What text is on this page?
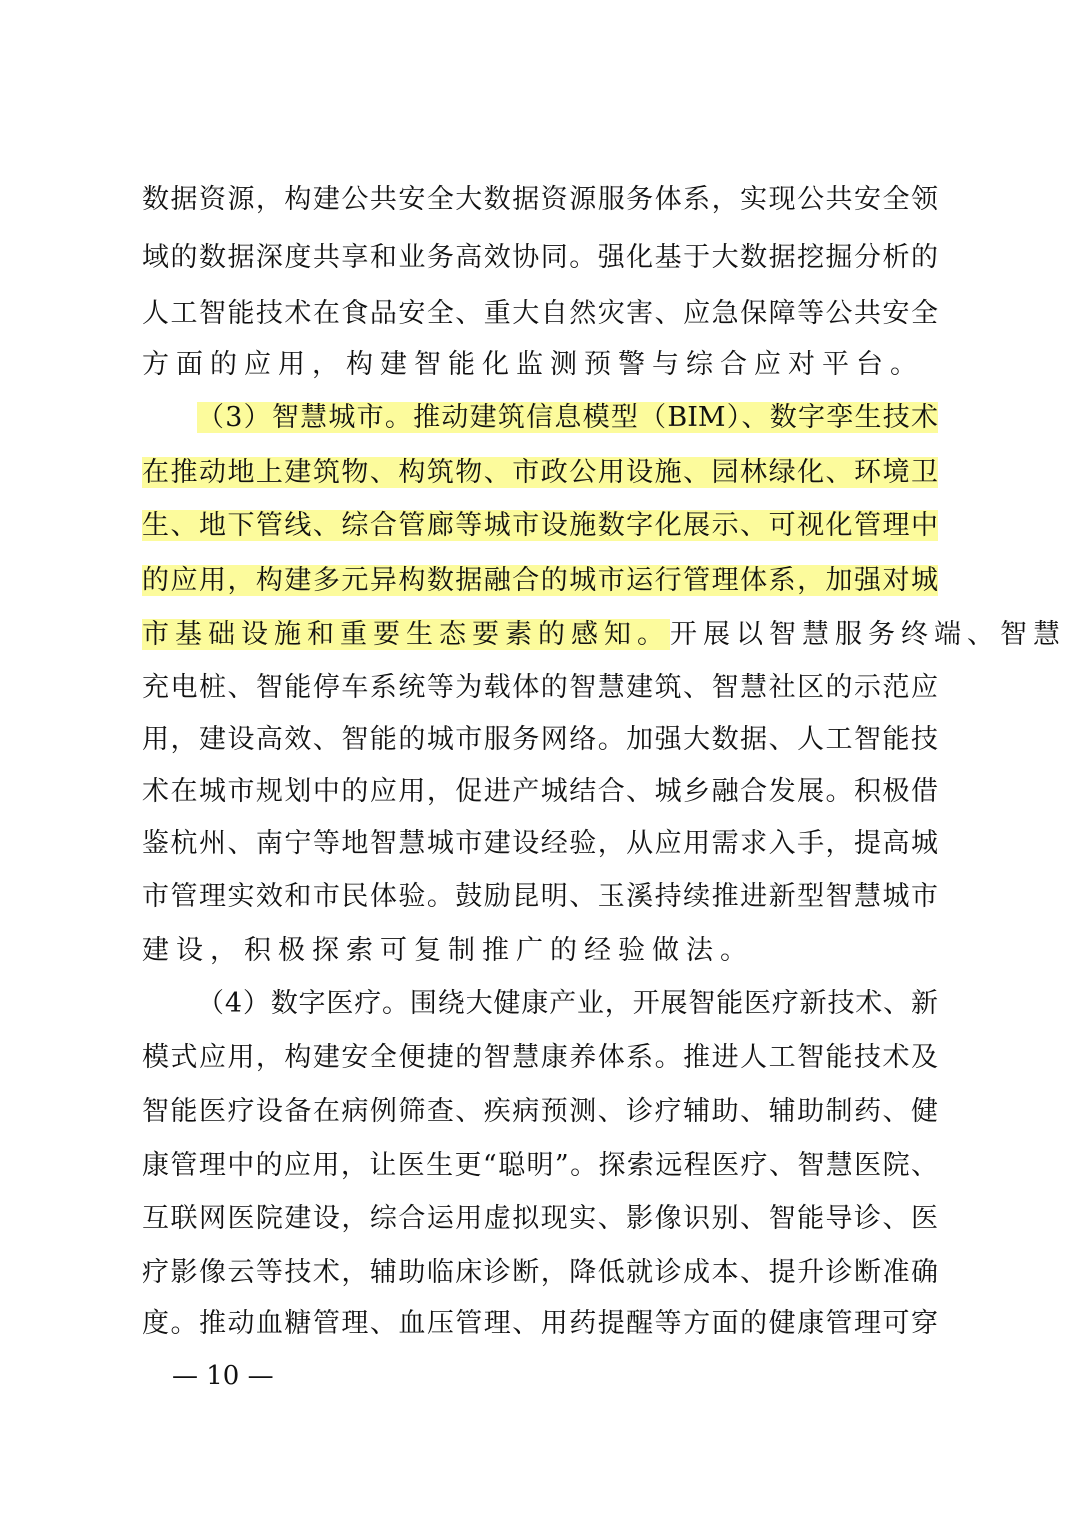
数据资源，构建公共安全大数据资源服务体系，实现公共安全领
域的数据深度共享和业务高效协同。强化基于大数据挖掘分析的
人工智能技术在食品安全、重大自然灾害、应急保障等公共安全
方面的应用，构建智能化监测预警与综合应对平台。
（3）智慧城市。推动建筑信息模型（BIM）、数字孪生技术
在推动地上建筑物、构筑物、市政公用设施、园林绿化、环境卫
生、地下管线、综合管廊等城市设施数字化展示、可视化管理中
的应用，构建多元异构数据融合的城市运行管理体系，加强对城
市基础设施和重要生态要素的感知。开展以智慧服务终端、智慧
充电桩、智能停车系统等为载体的智慧建筑、智慧社区的示范应
用，建设高效、智能的城市服务网络。加强大数据、人工智能技
术在城市规划中的应用，促进产城结合、城乡融合发展。积极借
鉴杭州、南宁等地智慧城市建设经验，从应用需求入手，提高城
市管理实效和市民体验。鼓励昆明、玉溪持续推进新型智慧城市
建设，积极探索可复制推广的经验做法。
（4）数字医疗。围绕大健康产业，开展智能医疗新技术、新
模式应用，构建安全便捷的智慧康养体系。推进人工智能技术及
智能医疗设备在病例筛查、疾病预测、诊疗辅助、辅助制药、健
康管理中的应用，让医生更“聪明”。探索远程医疗、智慧医院、
互联网医院建设，综合运用虚拟现实、影像识别、智能导诊、医
疗影像云等技术，辅助临床诊断，降低就诊成本、提升诊断准确
度。推动血糖管理、血压管理、用药提醒等方面的健康管理可穿
— 10 —
